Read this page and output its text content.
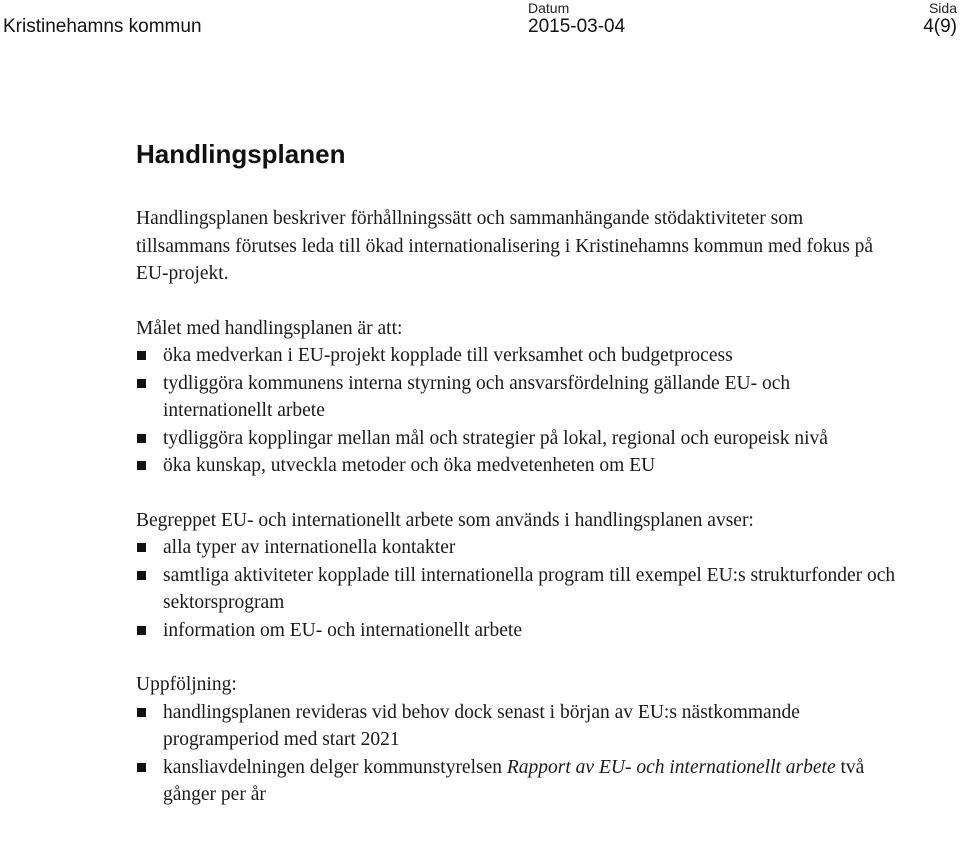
Kristinehamns kommun
Datum
2015-03-04
Sida
4(9)
Handlingsplanen

Handlingsplanen beskriver förhållningssätt och sammanhängande stödaktiviteter som tillsammans förutses leda till ökad internationalisering i Kristinehamns kommun med fokus på EU-projekt.

Målet med handlingsplanen är att:

öka medverkan i EU-projekt kopplade till verksamhet och budgetprocess
tydliggöra kommunens interna styrning och ansvarsfördelning gällande EU- och internationellt arbete
tydliggöra kopplingar mellan mål och strategier på lokal, regional och europeisk nivå
öka kunskap, utveckla metoder och öka medvetenheten om EU

Begreppet EU- och internationellt arbete som används i handlingsplanen avser:

alla typer av internationella kontakter
samtliga aktiviteter kopplade till internationella program till exempel EU:s strukturfonder och sektorsprogram
information om EU- och internationellt arbete

Uppföljning:

handlingsplanen revideras vid behov dock senast i början av EU:s nästkommande programperiod med start 2021
kansliavdelningen delger kommunstyrelsen Rapport av EU- och internationellt arbete två gånger per år
